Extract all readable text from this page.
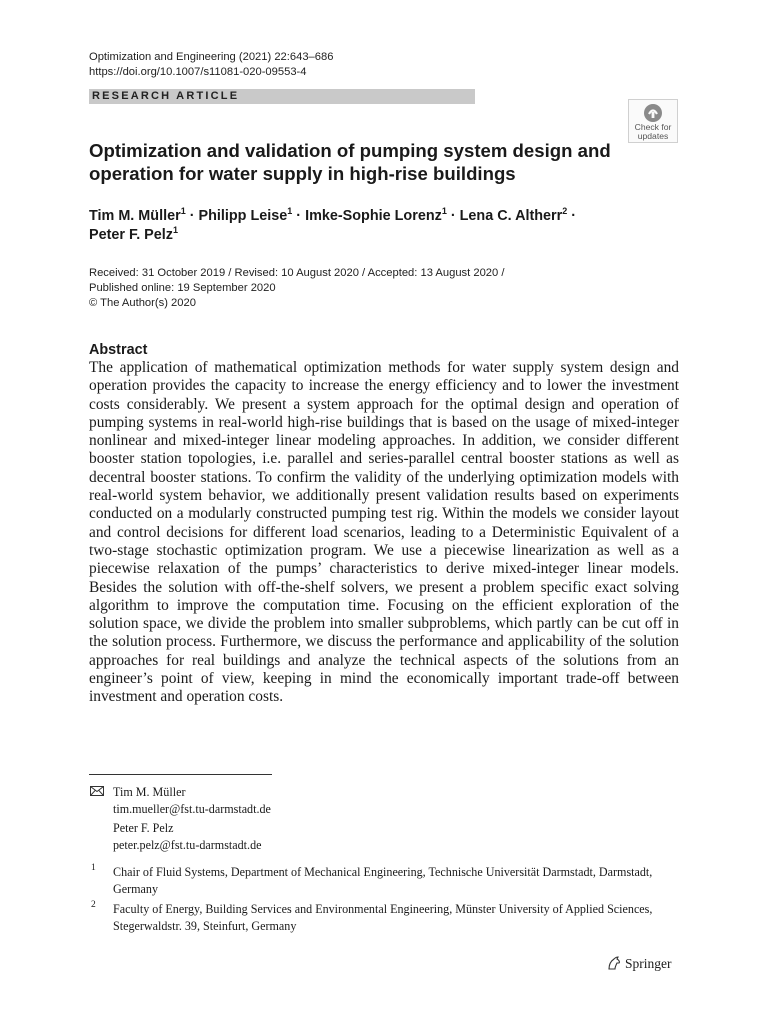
Optimization and Engineering (2021) 22:643–686
https://doi.org/10.1007/s11081-020-09553-4
RESEARCH ARTICLE
Check for
updates
Optimization and validation of pumping system design and operation for water supply in high-rise buildings
Tim M. Müller$^1$ · Philipp Leise$^1$ · Imke-Sophie Lorenz$^1$ · Lena C. Altherr$^2$ ·
Peter F. Pelz$^1$
Received: 31 October 2019 / Revised: 10 August 2020 / Accepted: 13 August 2020 /
Published online: 19 September 2020
© The Author(s) 2020
Abstract
The application of mathematical optimization methods for water supply system design and operation provides the capacity to increase the energy efficiency and to lower the investment costs considerably. We present a system approach for the optimal design and operation of pumping systems in real-world high-rise buildings that is based on the usage of mixed-integer nonlinear and mixed-integer linear modeling approaches. In addition, we consider different booster station topologies, i.e. parallel and series-parallel central booster stations as well as decentral booster stations. To confirm the validity of the underlying optimization models with real-world system behavior, we additionally present validation results based on experiments conducted on a modularly constructed pumping test rig. Within the models we consider layout and control decisions for different load scenarios, leading to a Deterministic Equivalent of a two-stage stochastic optimization program. We use a piecewise linearization as well as a piecewise relaxation of the pumps’ characteristics to derive mixed-integer linear models. Besides the solution with off-the-shelf solvers, we present a problem specific exact solving algorithm to improve the computation time. Focusing on the efficient exploration of the solution space, we divide the problem into smaller subproblems, which partly can be cut off in the solution process. Furthermore, we discuss the performance and applicability of the solution approaches for real buildings and analyze the technical aspects of the solutions from an engineer’s point of view, keeping in mind the economically important trade-off between investment and operation costs.
Tim M. Müller
tim.mueller@fst.tu-darmstadt.de
Peter F. Pelz
peter.pelz@fst.tu-darmstadt.de
1 Chair of Fluid Systems, Department of Mechanical Engineering, Technische Universität Darmstadt, Darmstadt, Germany
2 Faculty of Energy, Building Services and Environmental Engineering, Münster University of Applied Sciences, Stegerwaldstr. 39, Steinfurt, Germany
Springer
